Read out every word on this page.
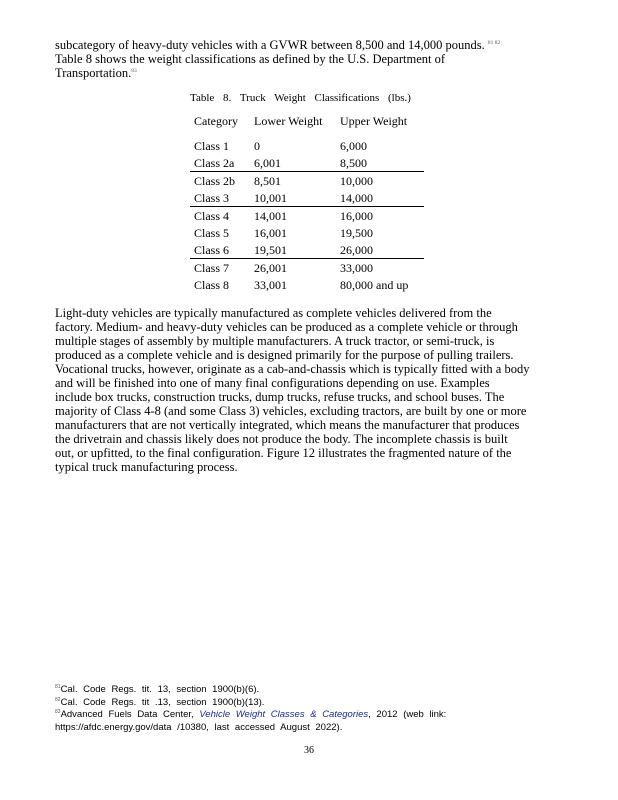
subcategory of heavy-duty vehicles with a GVWR between 8,500 and 14,000 pounds. $^{81 82}$
Table 8 shows the weight classifications as defined by the U.S. Department of
Transportation.$^{83}$
Table 8. Truck Weight Classifications (lbs.)
Category	Lower Weight	Upper Weight
Class 1	0	6,000
Class 2a	6,001	8,500
Class 2b	8,501	10,000
Class 3	10,001	14,000
Class 4	14,001	16,000
Class 5	16,001	19,500
Class 6	19,501	26,000
Class 7	26,001	33,000
Class 8	33,001	80,000 and up
Light-duty vehicles are typically manufactured as complete vehicles delivered from the
factory. Medium- and heavy-duty vehicles can be produced as a complete vehicle or through
multiple stages of assembly by multiple manufacturers. A truck tractor, or semi-truck, is
produced as a complete vehicle and is designed primarily for the purpose of pulling trailers.
Vocational trucks, however, originate as a cab-and-chassis which is typically fitted with a body
and will be finished into one of many final configurations depending on use. Examples
include box trucks, construction trucks, dump trucks, refuse trucks, and school buses. The
majority of Class 4-8 (and some Class 3) vehicles, excluding tractors, are built by one or more
manufacturers that are not vertically integrated, which means the manufacturer that produces
the drivetrain and chassis likely does not produce the body. The incomplete chassis is built
out, or upfitted, to the final configuration. Figure 12 illustrates the fragmented nature of the
typical truck manufacturing process.
$^{81}$Cal. Code Regs. tit. 13, section 1900(b)(6).
$^{82}$Cal. Code Regs. tit .13, section 1900(b)(13).
$^{83}$Advanced Fuels Data Center, Vehicle Weight Classes & Categories, 2012 (web link:
https://afdc.energy.gov/data /10380, last accessed August 2022).
36
